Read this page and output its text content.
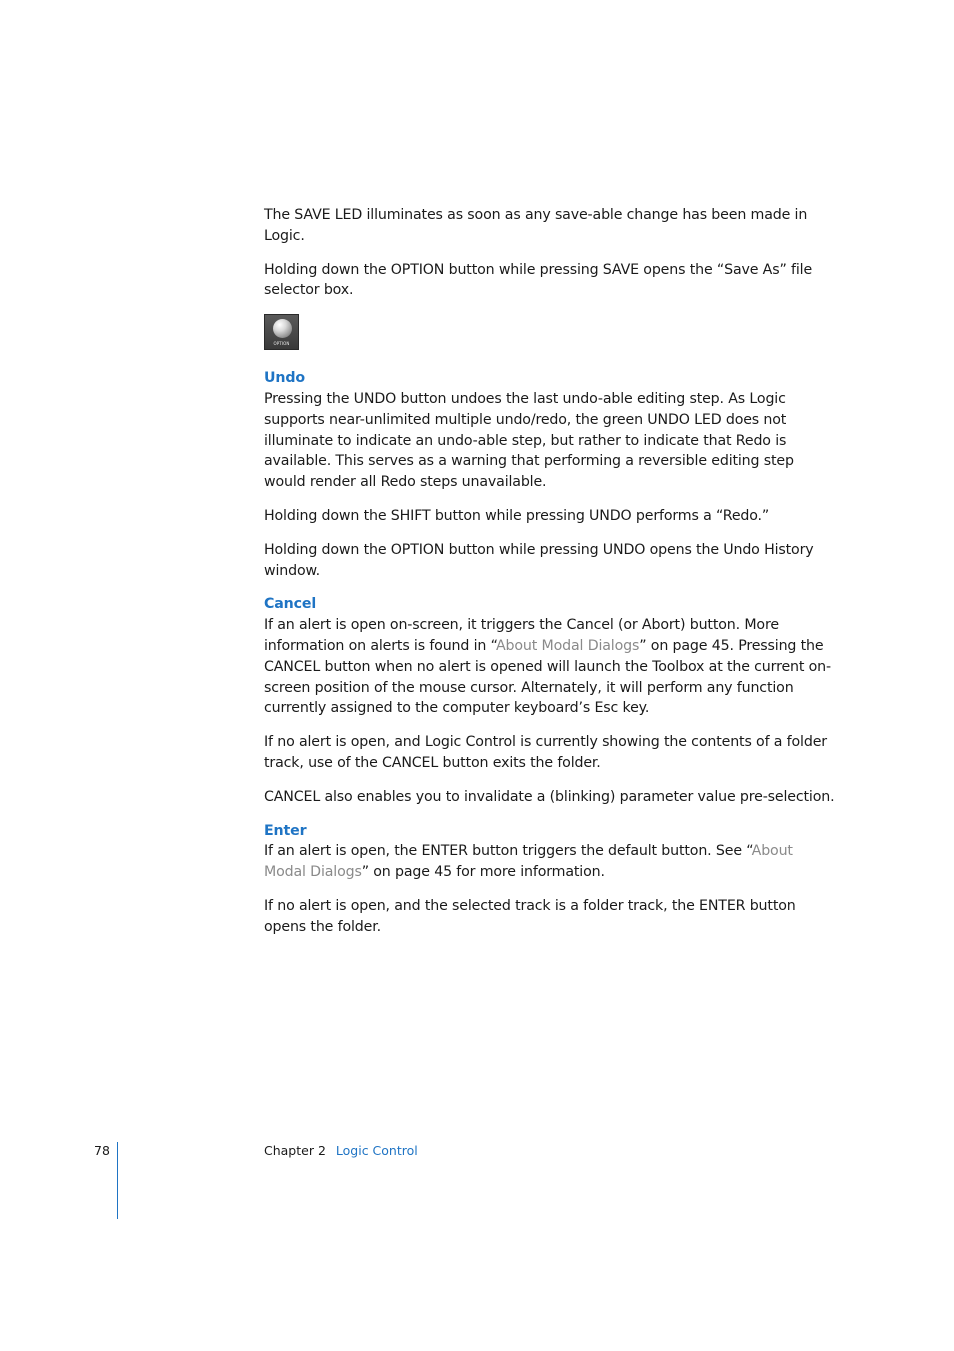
The SAVE LED illuminates as soon as any save-able change has been made in Logic.

Holding down the OPTION button while pressing SAVE opens the “Save As” file selector box.

OPTION
Undo

Pressing the UNDO button undoes the last undo-able editing step. As Logic supports near-unlimited multiple undo/redo, the green UNDO LED does not illuminate to indicate an undo-able step, but rather to indicate that Redo is available. This serves as a warning that performing a reversible editing step would render all Redo steps unavailable.

Holding down the SHIFT button while pressing UNDO performs a “Redo.”

Holding down the OPTION button while pressing UNDO opens the Undo History window.

Cancel

If an alert is open on-screen, it triggers the Cancel (or Abort) button. More information on alerts is found in “About Modal Dialogs” on page 45. Pressing the CANCEL button when no alert is opened will launch the Toolbox at the current on-screen position of the mouse cursor. Alternately, it will perform any function currently assigned to the computer keyboard’s Esc key.

If no alert is open, and Logic Control is currently showing the contents of a folder track, use of the CANCEL button exits the folder.

CANCEL also enables you to invalidate a (blinking) parameter value pre-selection.

Enter

If an alert is open, the ENTER button triggers the default button. See “About Modal Dialogs” on page 45 for more information.

If no alert is open, and the selected track is a folder track, the ENTER button opens the folder.

78	Chapter 2 Logic Control
